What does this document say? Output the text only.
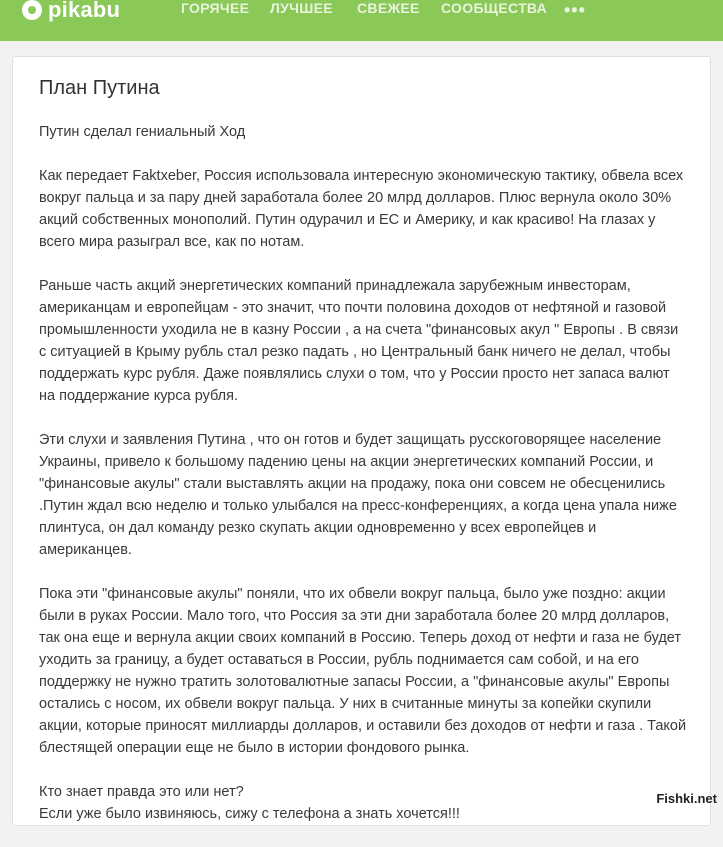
pikabu	ГОРЯЧЕЕ ЛУЧШЕЕ СВЕЖЕЕ СООБЩЕСТВА •••
План Путина

Путин сделал гениальный Ход

Как передает Faktxeber, Россия использовала интересную экономическую тактику, обвела всех вокруг пальца и за пару дней заработала более 20 млрд долларов. Плюс вернула около 30% акций собственных монополий. Путин одурачил и ЕС и Америку, и как красиво! На глазах у всего мира разыграл все, как по нотам.

Раньше часть акций энергетических компаний принадлежала зарубежным инвесторам, американцам и европейцам - это значит, что почти половина доходов от нефтяной и газовой промышленности уходила не в казну России , а на счета "финансовых акул " Европы . В связи с ситуацией в Крыму рубль стал резко падать , но Центральный банк ничего не делал, чтобы поддержать курс рубля. Даже появлялись слухи о том, что у России просто нет запаса валют на поддержание курса рубля.

Эти слухи и заявления Путина , что он готов и будет защищать русскоговорящее население Украины, привело к большому падению цены на акции энергетических компаний России, и "финансовые акулы" стали выставлять акции на продажу, пока они совсем не обесценились .Путин ждал всю неделю и только улыбался на пресс-конференциях, а когда цена упала ниже плинтуса, он дал команду резко скупать акции одновременно у всех европейцев и американцев.

Пока эти "финансовые акулы" поняли, что их обвели вокруг пальца, было уже поздно: акции были в руках России. Мало того, что Россия за эти дни заработала более 20 млрд долларов, так она еще и вернула акции своих компаний в Россию. Теперь доход от нефти и газа не будет уходить за границу, а будет оставаться в России, рубль поднимается сам собой, и на его поддержку не нужно тратить золотовалютные запасы России, а "финансовые акулы" Европы остались с носом, их обвели вокруг пальца. У них в считанные минуты за копейки скупили акции, которые приносят миллиарды долларов, и оставили без доходов от нефти и газа . Такой блестящей операции еще не было в истории фондового рынка.

Кто знает правда это или нет?
Если уже было извиняюсь, сижу с телефона а знать хочется!!!

Fishki.net
